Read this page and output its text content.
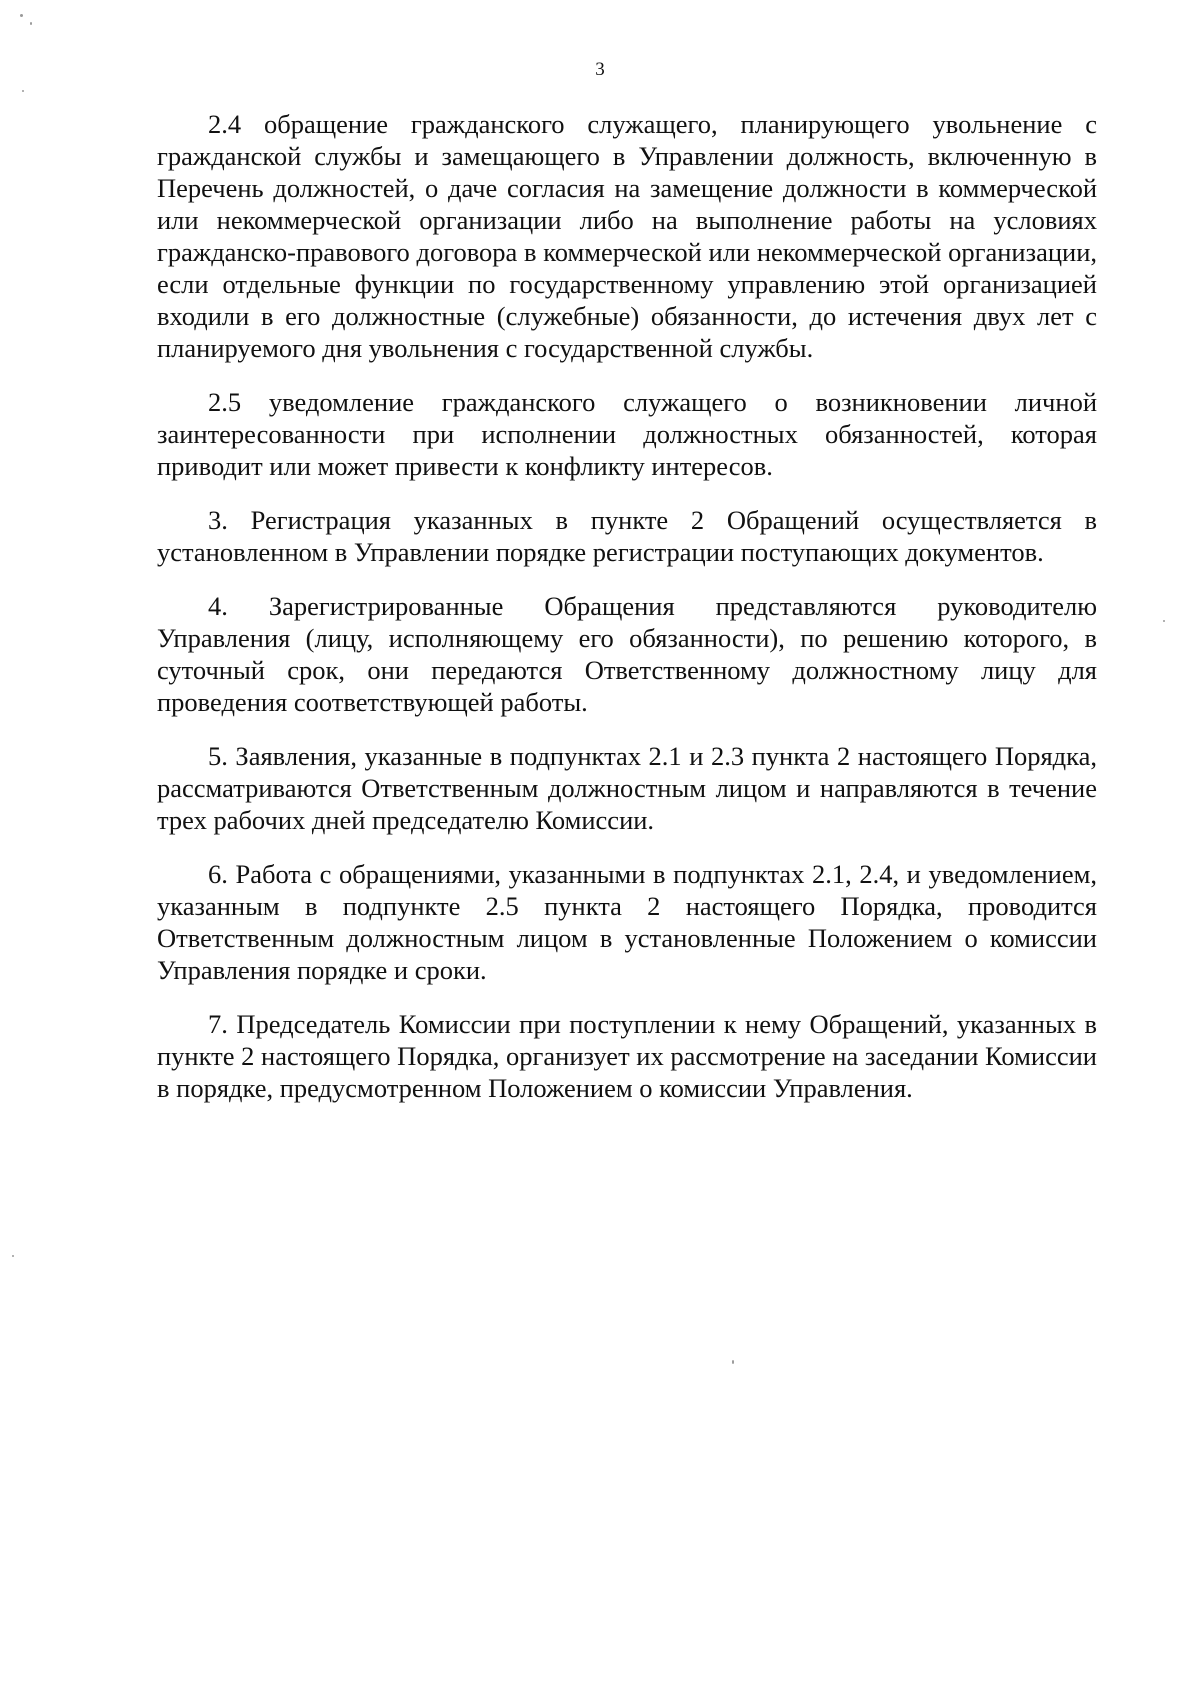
3

2.4 обращение гражданского служащего, планирующего увольнение с гражданской службы и замещающего в Управлении должность, включенную в Перечень должностей, о даче согласия на замещение должности в коммерческой или некоммерческой организации либо на выполнение работы на условиях гражданско-правового договора в коммерческой или некоммерческой организации, если отдельные функции по государственному управлению этой организацией входили в его должностные (служебные) обязанности, до истечения двух лет с планируемого дня увольнения с государственной службы.

2.5 уведомление гражданского служащего о возникновении личной заинтересованности при исполнении должностных обязанностей, которая приводит или может привести к конфликту интересов.

3. Регистрация указанных в пункте 2 Обращений осуществляется в установленном в Управлении порядке регистрации поступающих документов.

4. Зарегистрированные Обращения представляются руководителю Управления (лицу, исполняющему его обязанности), по решению которого, в суточный срок, они передаются Ответственному должностному лицу для проведения соответствующей работы.

5. Заявления, указанные в подпунктах 2.1 и 2.3 пункта 2 настоящего Порядка, рассматриваются Ответственным должностным лицом и направляются в течение трех рабочих дней председателю Комиссии.

6. Работа с обращениями, указанными в подпунктах 2.1, 2.4, и уведомлением, указанным в подпункте 2.5 пункта 2 настоящего Порядка, проводится Ответственным должностным лицом в установленные Положением о комиссии Управления порядке и сроки.

7. Председатель Комиссии при поступлении к нему Обращений, указанных в пункте 2 настоящего Порядка, организует их рассмотрение на заседании Комиссии в порядке, предусмотренном Положением о комиссии Управления.
